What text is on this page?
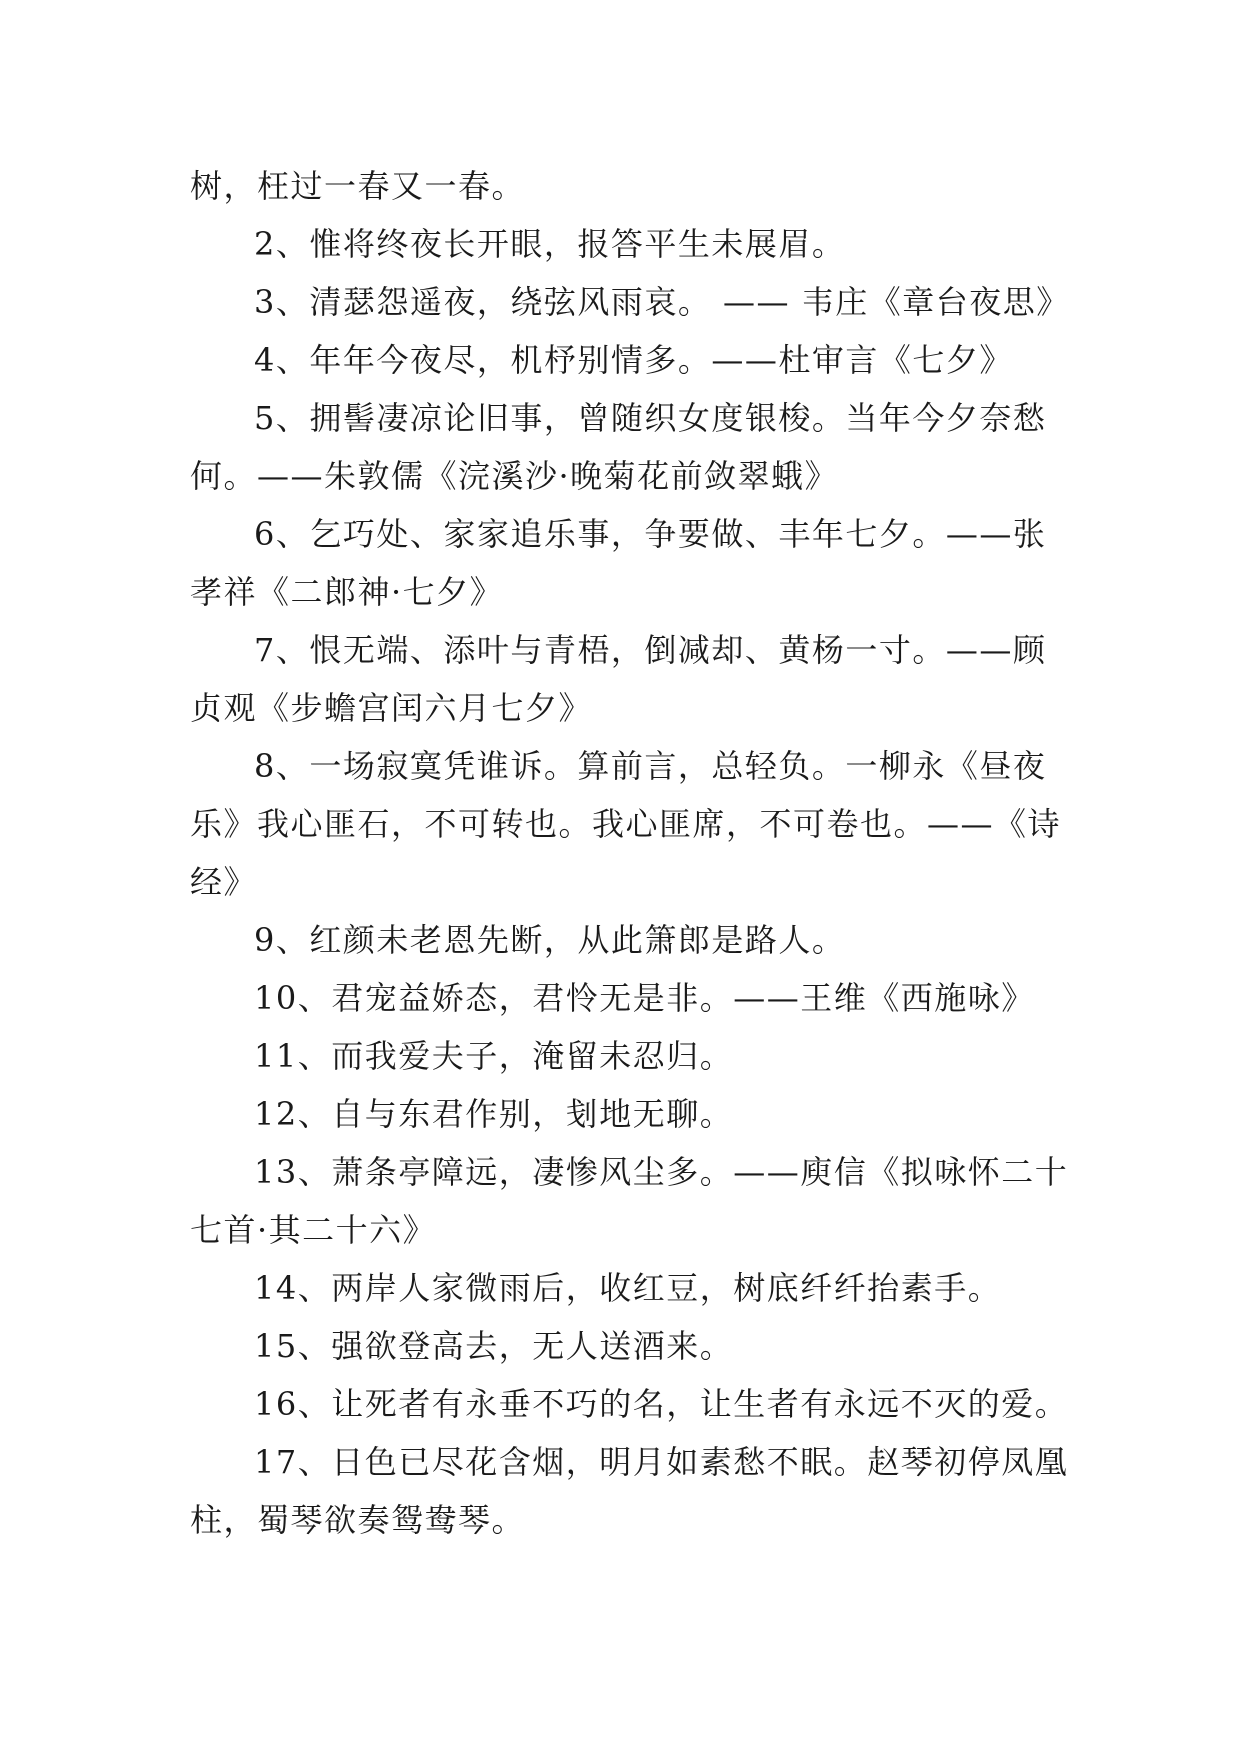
树，枉过一春又一春。
2、惟将终夜长开眼，报答平生未展眉。
3、清瑟怨遥夜，绕弦风雨哀。 —— 韦庄《章台夜思》
4、年年今夜尽，机杼别情多。——杜审言《七夕》
5、拥髻凄凉论旧事，曾随织女度银梭。当年今夕奈愁
何。——朱敦儒《浣溪沙·晚菊花前敛翠蛾》
6、乞巧处、家家追乐事，争要做、丰年七夕。——张
孝祥《二郎神·七夕》
7、恨无端、添叶与青梧，倒减却、黄杨一寸。——顾
贞观《步蟾宫闰六月七夕》
8、一场寂寞凭谁诉。算前言，总轻负。一柳永《昼夜
乐》我心匪石，不可转也。我心匪席，不可卷也。——《诗
经》
9、红颜未老恩先断，从此箫郎是路人。
10、君宠益娇态，君怜无是非。——王维《西施咏》
11、而我爱夫子，淹留未忍归。
12、自与东君作别，刬地无聊。
13、萧条亭障远，凄惨风尘多。——庾信《拟咏怀二十
七首·其二十六》
14、两岸人家微雨后，收红豆，树底纤纤抬素手。
15、强欲登高去，无人送酒来。
16、让死者有永垂不巧的名，让生者有永远不灭的爱。
17、日色已尽花含烟，明月如素愁不眠。赵琴初停凤凰
柱，蜀琴欲奏鸳鸯琴。
